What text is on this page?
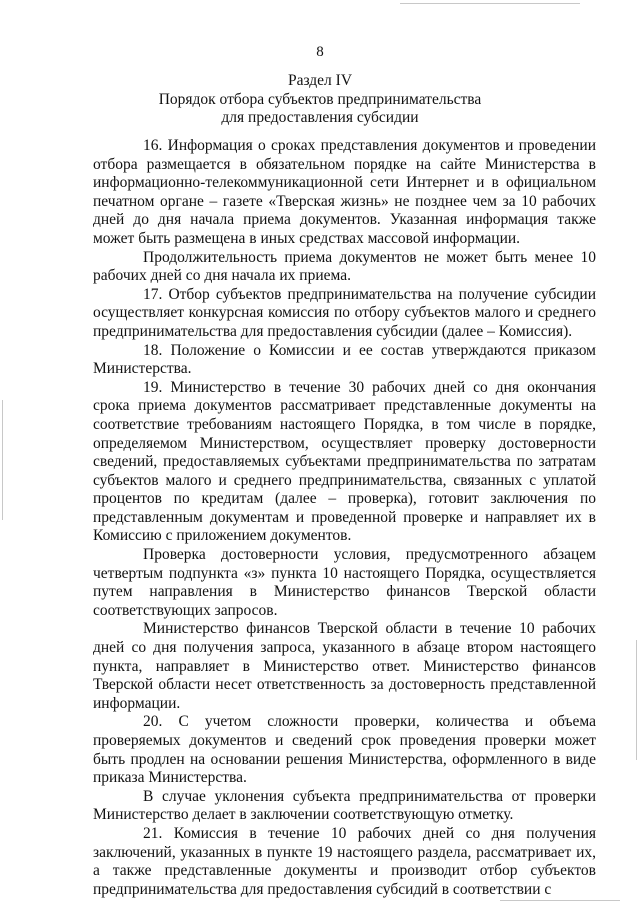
8
Раздел IV
Порядок отбора субъектов предпринимательства
для предоставления субсидии

16. Информация о сроках представления документов и проведении отбора размещается в обязательном порядке на сайте Министерства в информационно-телекоммуникационной сети Интернет и в официальном печатном органе – газете «Тверская жизнь» не позднее чем за 10 рабочих дней до дня начала приема документов. Указанная информация также может быть размещена в иных средствах массовой информации.

Продолжительность приема документов не может быть менее 10 рабочих дней со дня начала их приема.

17. Отбор субъектов предпринимательства на получение субсидии осуществляет конкурсная комиссия по отбору субъектов малого и среднего предпринимательства для предоставления субсидии (далее – Комиссия).

18. Положение о Комиссии и ее состав утверждаются приказом Министерства.

19. Министерство в течение 30 рабочих дней со дня окончания срока приема документов рассматривает представленные документы на соответствие требованиям настоящего Порядка, в том числе в порядке, определяемом Министерством, осуществляет проверку достоверности сведений, предоставляемых субъектами предпринимательства по затратам субъектов малого и среднего предпринимательства, связанных с уплатой процентов по кредитам (далее – проверка), готовит заключения по представленным документам и проведенной проверке и направляет их в Комиссию с приложением документов.

Проверка достоверности условия, предусмотренного абзацем четвертым подпункта «з» пункта 10 настоящего Порядка, осуществляется путем направления в Министерство финансов Тверской области соответствующих запросов.

Министерство финансов Тверской области в течение 10 рабочих дней со дня получения запроса, указанного в абзаце втором настоящего пункта, направляет в Министерство ответ. Министерство финансов Тверской области несет ответственность за достоверность представленной информации.

20. С учетом сложности проверки, количества и объема проверяемых документов и сведений срок проведения проверки может быть продлен на основании решения Министерства, оформленного в виде приказа Министерства.

В случае уклонения субъекта предпринимательства от проверки Министерство делает в заключении соответствующую отметку.

21. Комиссия в течение 10 рабочих дней со дня получения заключений, указанных в пункте 19 настоящего раздела, рассматривает их, а также представленные документы и производит отбор субъектов предпринимательства для предоставления субсидий в соответствии с
